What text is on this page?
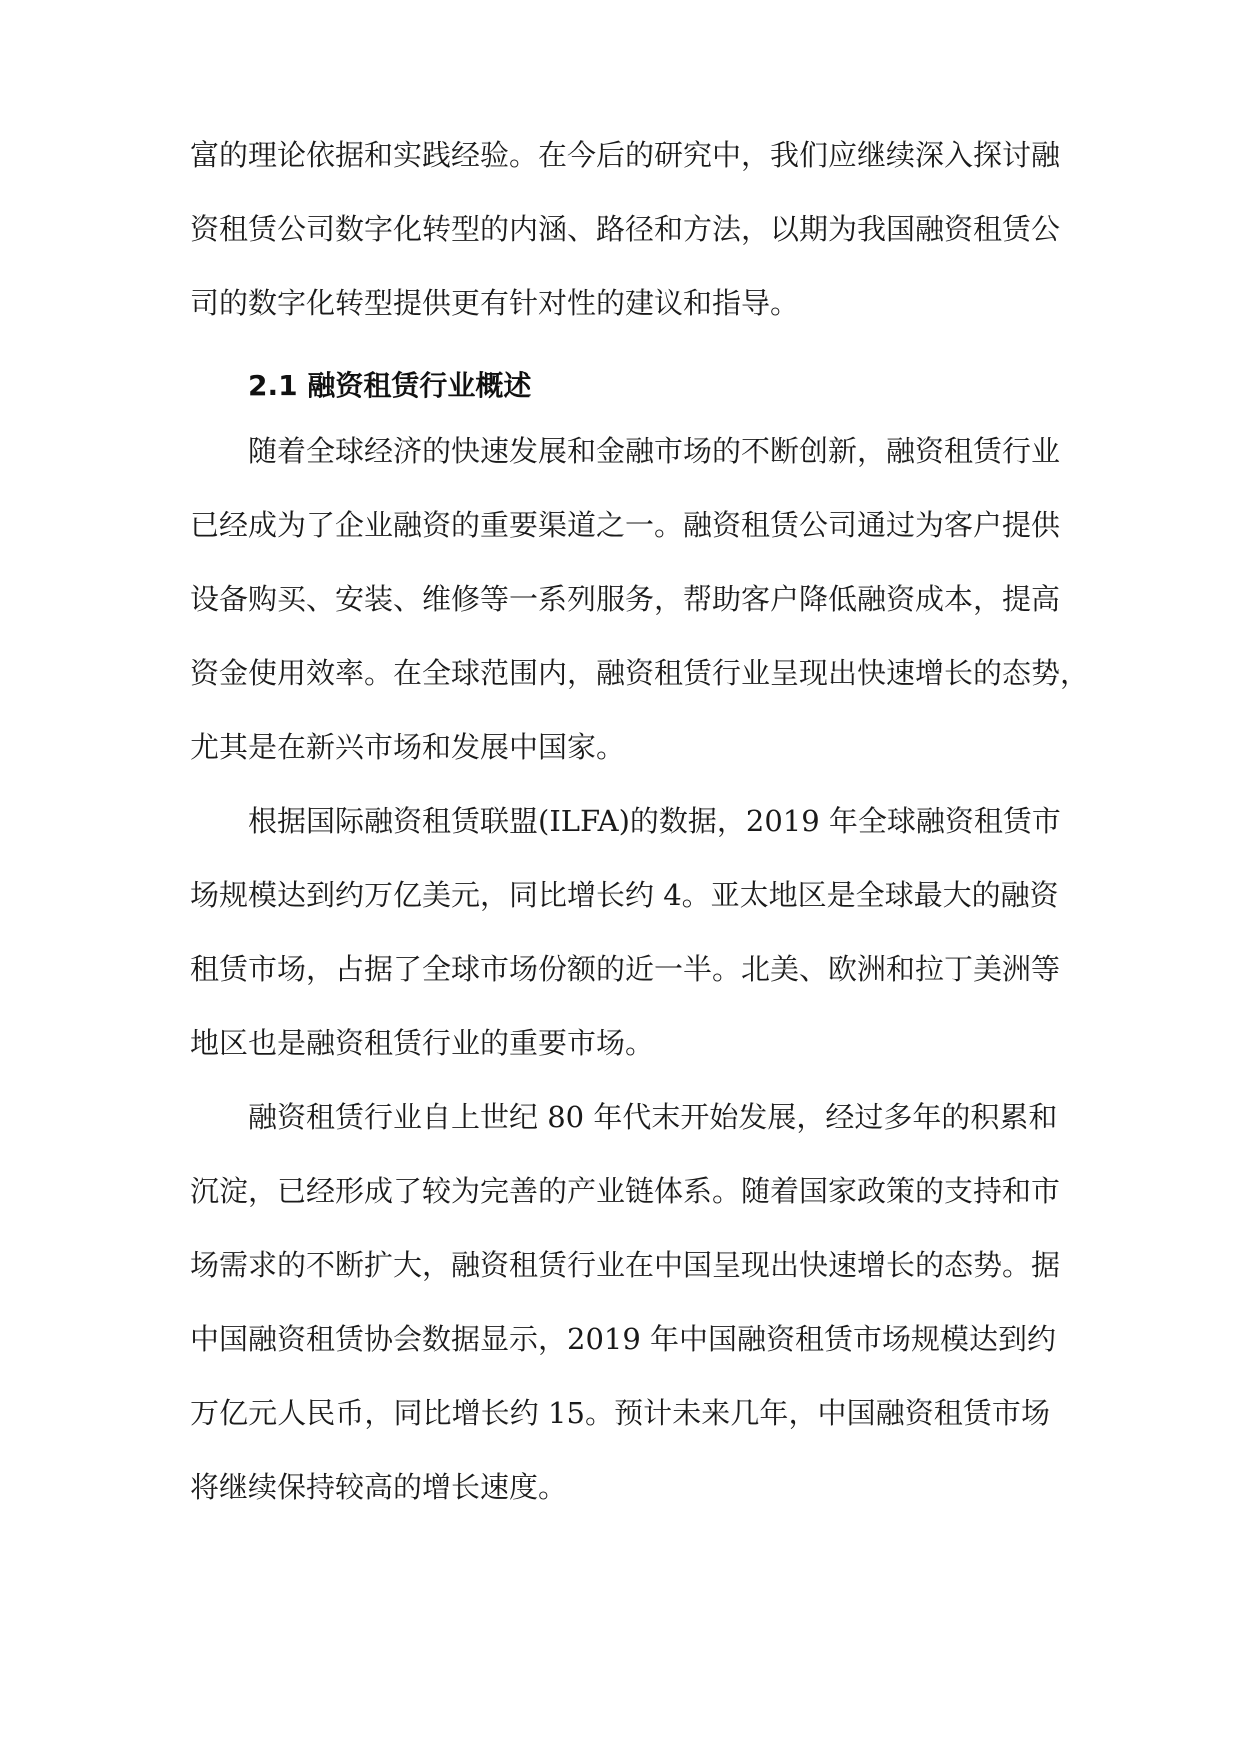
富的理论依据和实践经验。在今后的研究中，我们应继续深入探讨融
资租赁公司数字化转型的内涵、路径和方法，以期为我国融资租赁公
司的数字化转型提供更有针对性的建议和指导。
2.1 融资租赁行业概述
随着全球经济的快速发展和金融市场的不断创新，融资租赁行业
已经成为了企业融资的重要渠道之一。融资租赁公司通过为客户提供
设备购买、安装、维修等一系列服务，帮助客户降低融资成本，提高
资金使用效率。在全球范围内，融资租赁行业呈现出快速增长的态势，
尤其是在新兴市场和发展中国家。
根据国际融资租赁联盟(ILFA)的数据，2019 年全球融资租赁市
场规模达到约万亿美元，同比增长约 4。亚太地区是全球最大的融资
租赁市场，占据了全球市场份额的近一半。北美、欧洲和拉丁美洲等
地区也是融资租赁行业的重要市场。
融资租赁行业自上世纪 80 年代末开始发展，经过多年的积累和
沉淀，已经形成了较为完善的产业链体系。随着国家政策的支持和市
场需求的不断扩大，融资租赁行业在中国呈现出快速增长的态势。据
中国融资租赁协会数据显示，2019 年中国融资租赁市场规模达到约
万亿元人民币，同比增长约 15。预计未来几年，中国融资租赁市场
将继续保持较高的增长速度。
